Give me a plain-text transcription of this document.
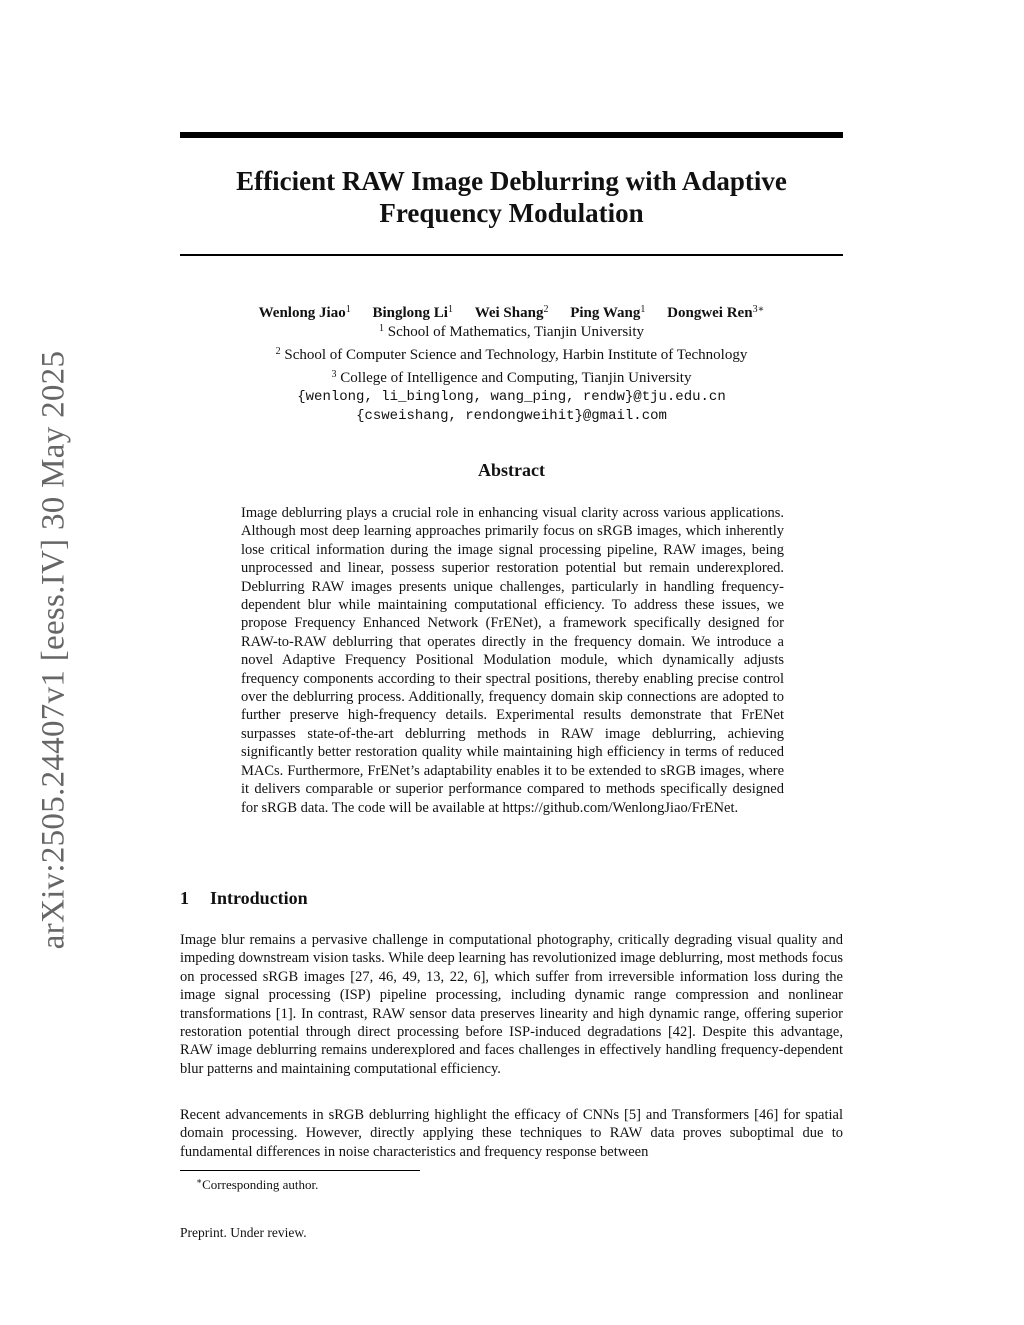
arXiv:2505.24407v1 [eess.IV] 30 May 2025
Efficient RAW Image Deblurring with Adaptive
Frequency Modulation
Wenlong Jiao$^1$ Binglong Li$^1$ Wei Shang$^2$ Ping Wang$^1$ Dongwei Ren$^{3∗}$
$^1$ School of Mathematics, Tianjin University
$^2$ School of Computer Science and Technology, Harbin Institute of Technology
$^3$ College of Intelligence and Computing, Tianjin University
{wenlong, li_binglong, wang_ping, rendw}@tju.edu.cn
{csweishang, rendongweihit}@gmail.com
Abstract

Image deblurring plays a crucial role in enhancing visual clarity across various applications. Although most deep learning approaches primarily focus on sRGB images, which inherently lose critical information during the image signal processing pipeline, RAW images, being unprocessed and linear, possess superior restoration potential but remain underexplored. Deblurring RAW images presents unique challenges, particularly in handling frequency-dependent blur while maintaining computational efficiency. To address these issues, we propose Frequency Enhanced Network (FrENet), a framework specifically designed for RAW-to-RAW deblurring that operates directly in the frequency domain. We introduce a novel Adaptive Frequency Positional Modulation module, which dynamically adjusts frequency components according to their spectral positions, thereby enabling precise control over the deblurring process. Additionally, frequency domain skip connections are adopted to further preserve high-frequency details. Experimental results demonstrate that FrENet surpasses state-of-the-art deblurring methods in RAW image deblurring, achieving significantly better restoration quality while maintaining high efficiency in terms of reduced MACs. Furthermore, FrENet’s adaptability enables it to be extended to sRGB images, where it delivers comparable or superior performance compared to methods specifically designed for sRGB data. The code will be available at https://github.com/WenlongJiao/FrENet.

1 Introduction

Image blur remains a pervasive challenge in computational photography, critically degrading visual quality and impeding downstream vision tasks. While deep learning has revolutionized image deblurring, most methods focus on processed sRGB images [27, 46, 49, 13, 22, 6], which suffer from irreversible information loss during the image signal processing (ISP) pipeline processing, including dynamic range compression and nonlinear transformations [1]. In contrast, RAW sensor data preserves linearity and high dynamic range, offering superior restoration potential through direct processing before ISP-induced degradations [42]. Despite this advantage, RAW image deblurring remains underexplored and faces challenges in effectively handling frequency-dependent blur patterns and maintaining computational efficiency.

Recent advancements in sRGB deblurring highlight the efficacy of CNNs [5] and Transformers [46] for spatial domain processing. However, directly applying these techniques to RAW data proves suboptimal due to fundamental differences in noise characteristics and frequency response between

∗Corresponding author.
Preprint. Under review.
